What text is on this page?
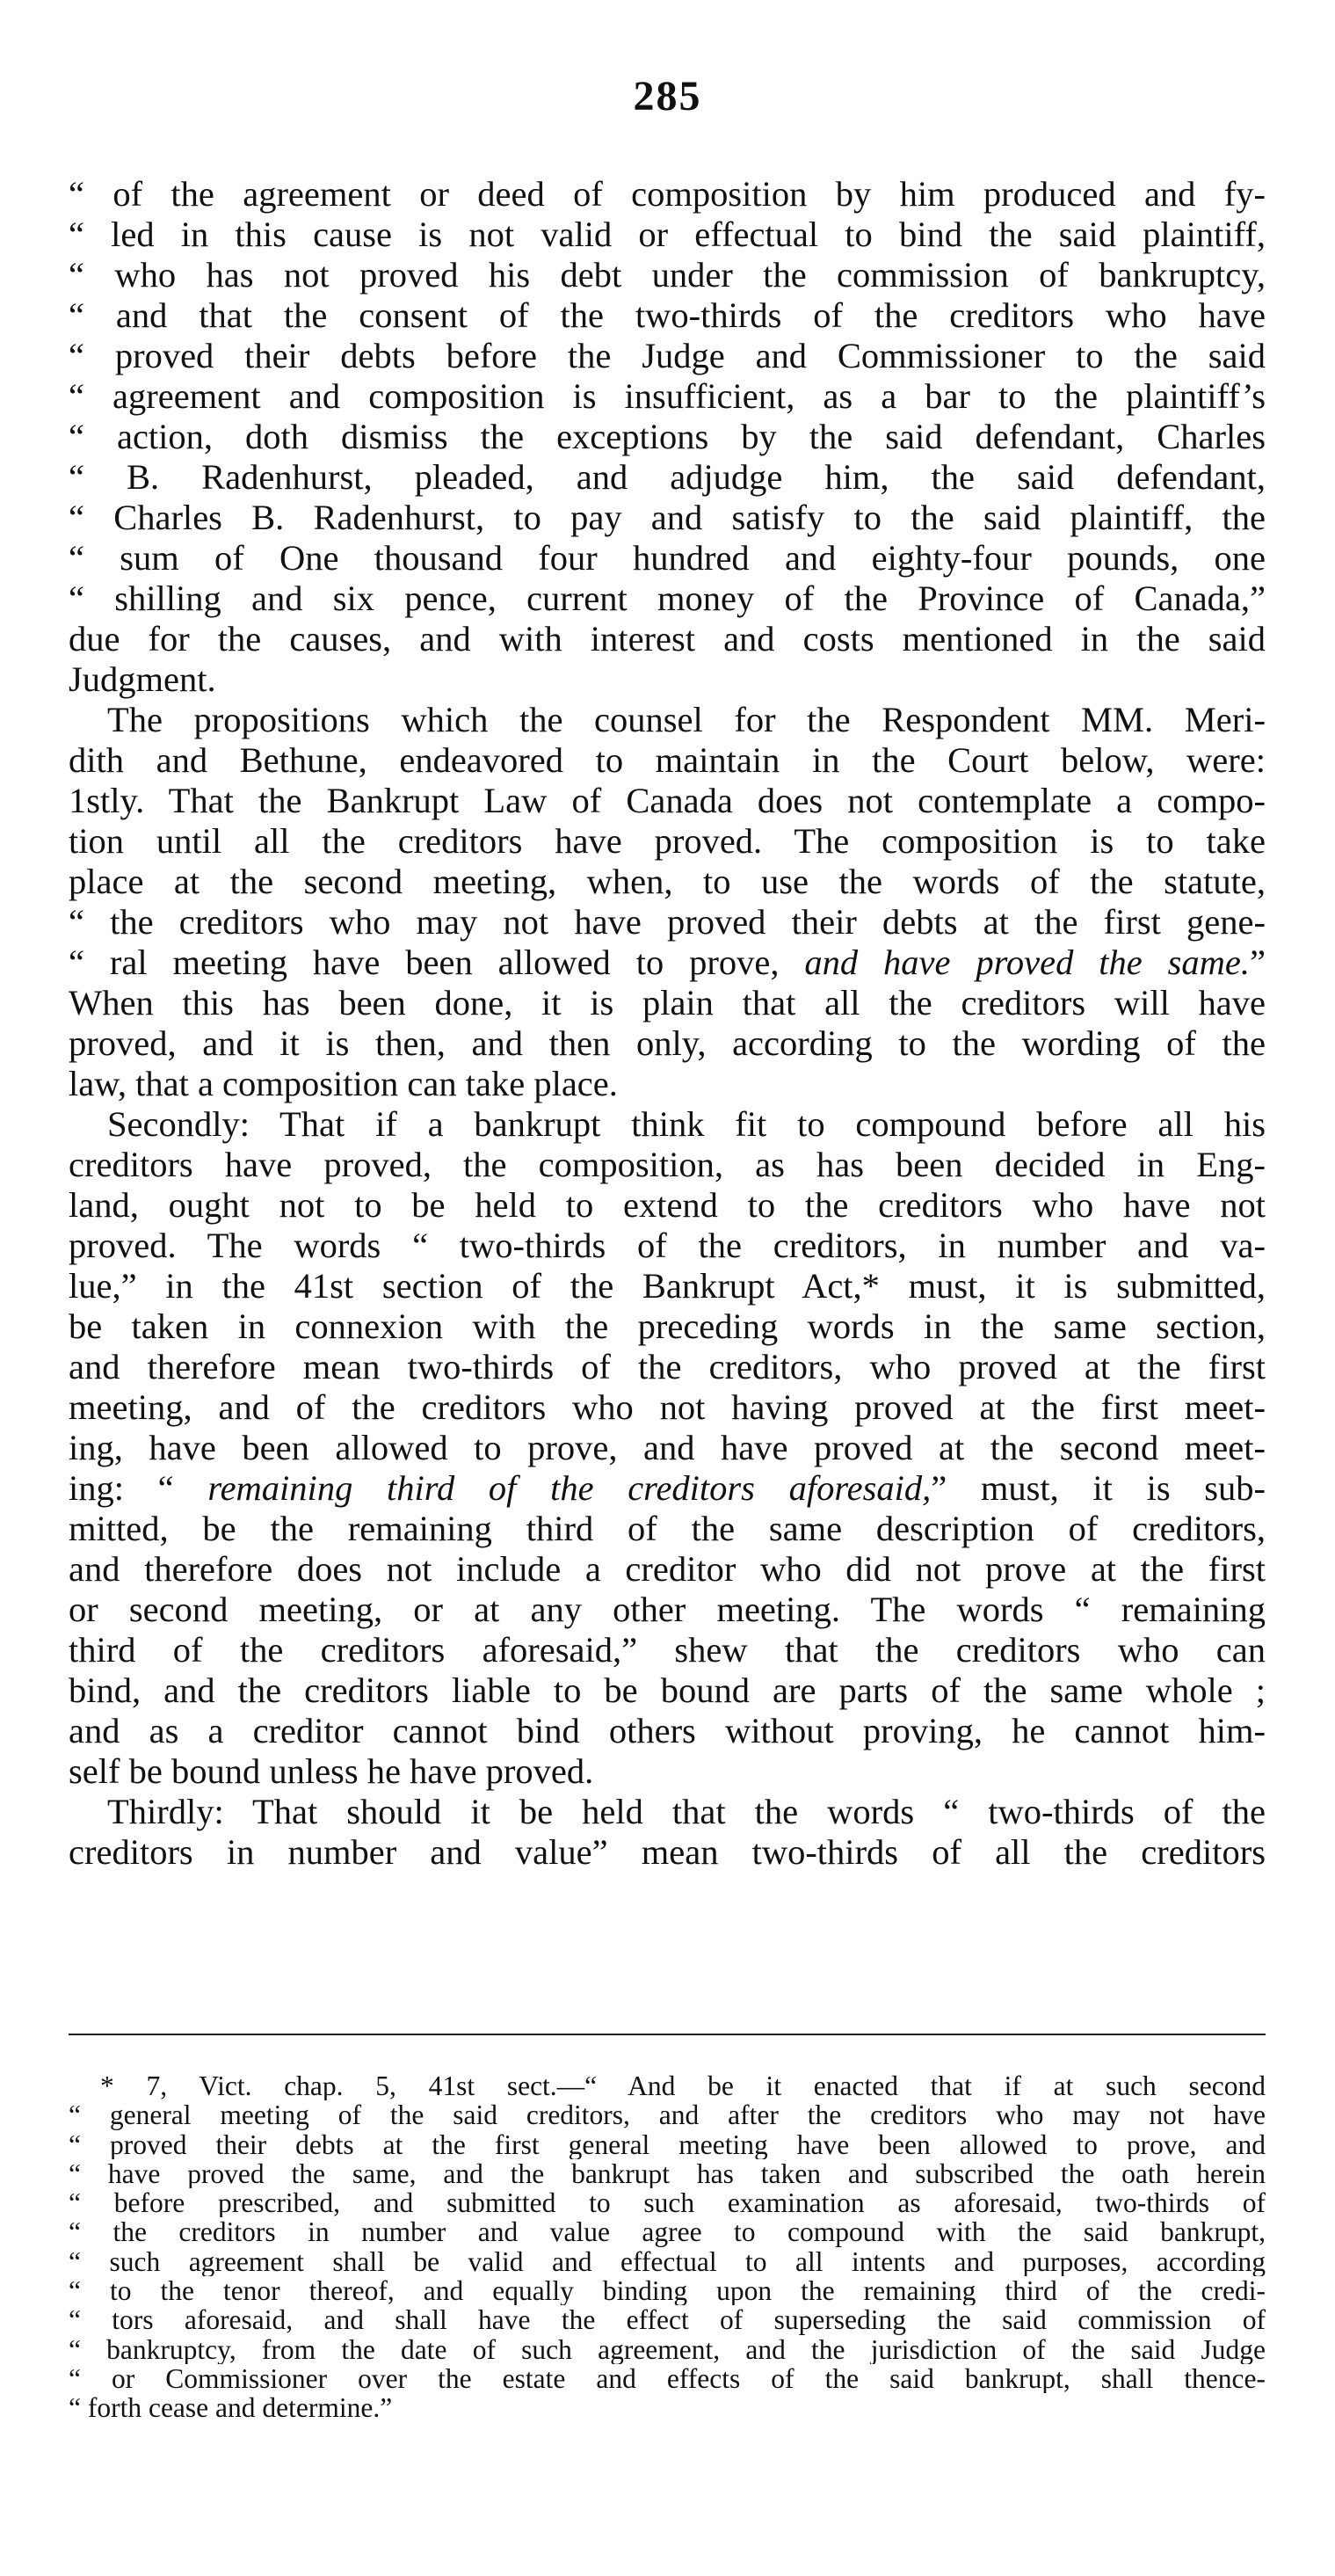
285
“ of the agreement or deed of composition by him produced and fy-
“ led in this cause is not valid or effectual to bind the said plaintiff,
“ who has not proved his debt under the commission of bankruptcy,
“ and that the consent of the two-thirds of the creditors who have
“ proved their debts before the Judge and Commissioner to the said
“ agreement and composition is insufficient, as a bar to the plaintiff’s
“ action, doth dismiss the exceptions by the said defendant, Charles
“ B. Radenhurst, pleaded, and adjudge him, the said defendant,
“ Charles B. Radenhurst, to pay and satisfy to the said plaintiff, the
“ sum of One thousand four hundred and eighty-four pounds, one
“ shilling and six pence, current money of the Province of Canada,”
due for the causes, and with interest and costs mentioned in the said
Judgment.
The propositions which the counsel for the Respondent MM. Meri-
dith and Bethune, endeavored to maintain in the Court below, were:
1stly. That the Bankrupt Law of Canada does not contemplate a compo-
tion until all the creditors have proved. The composition is to take
place at the second meeting, when, to use the words of the statute,
“ the creditors who may not have proved their debts at the first gene-
“ ral meeting have been allowed to prove, and have proved the same.”
When this has been done, it is plain that all the creditors will have
proved, and it is then, and then only, according to the wording of the
law, that a composition can take place.
Secondly: That if a bankrupt think fit to compound before all his
creditors have proved, the composition, as has been decided in Eng-
land, ought not to be held to extend to the creditors who have not
proved. The words “ two-thirds of the creditors, in number and va-
lue,” in the 41st section of the Bankrupt Act,* must, it is submitted,
be taken in connexion with the preceding words in the same section,
and therefore mean two-thirds of the creditors, who proved at the first
meeting, and of the creditors who not having proved at the first meet-
ing, have been allowed to prove, and have proved at the second meet-
ing: “ remaining third of the creditors aforesaid,” must, it is sub-
mitted, be the remaining third of the same description of creditors,
and therefore does not include a creditor who did not prove at the first
or second meeting, or at any other meeting. The words “ remaining
third of the creditors aforesaid,” shew that the creditors who can
bind, and the creditors liable to be bound are parts of the same whole ;
and as a creditor cannot bind others without proving, he cannot him-
self be bound unless he have proved.
Thirdly: That should it be held that the words “ two-thirds of the
creditors in number and value” mean two-thirds of all the creditors
* 7, Vict. chap. 5, 41st sect.—“ And be it enacted that if at such second
“ general meeting of the said creditors, and after the creditors who may not have
“ proved their debts at the first general meeting have been allowed to prove, and
“ have proved the same, and the bankrupt has taken and subscribed the oath herein
“ before prescribed, and submitted to such examination as aforesaid, two-thirds of
“ the creditors in number and value agree to compound with the said bankrupt,
“ such agreement shall be valid and effectual to all intents and purposes, according
“ to the tenor thereof, and equally binding upon the remaining third of the credi-
“ tors aforesaid, and shall have the effect of superseding the said commission of
“ bankruptcy, from the date of such agreement, and the jurisdiction of the said Judge
“ or Commissioner over the estate and effects of the said bankrupt, shall thence-
“ forth cease and determine.”
